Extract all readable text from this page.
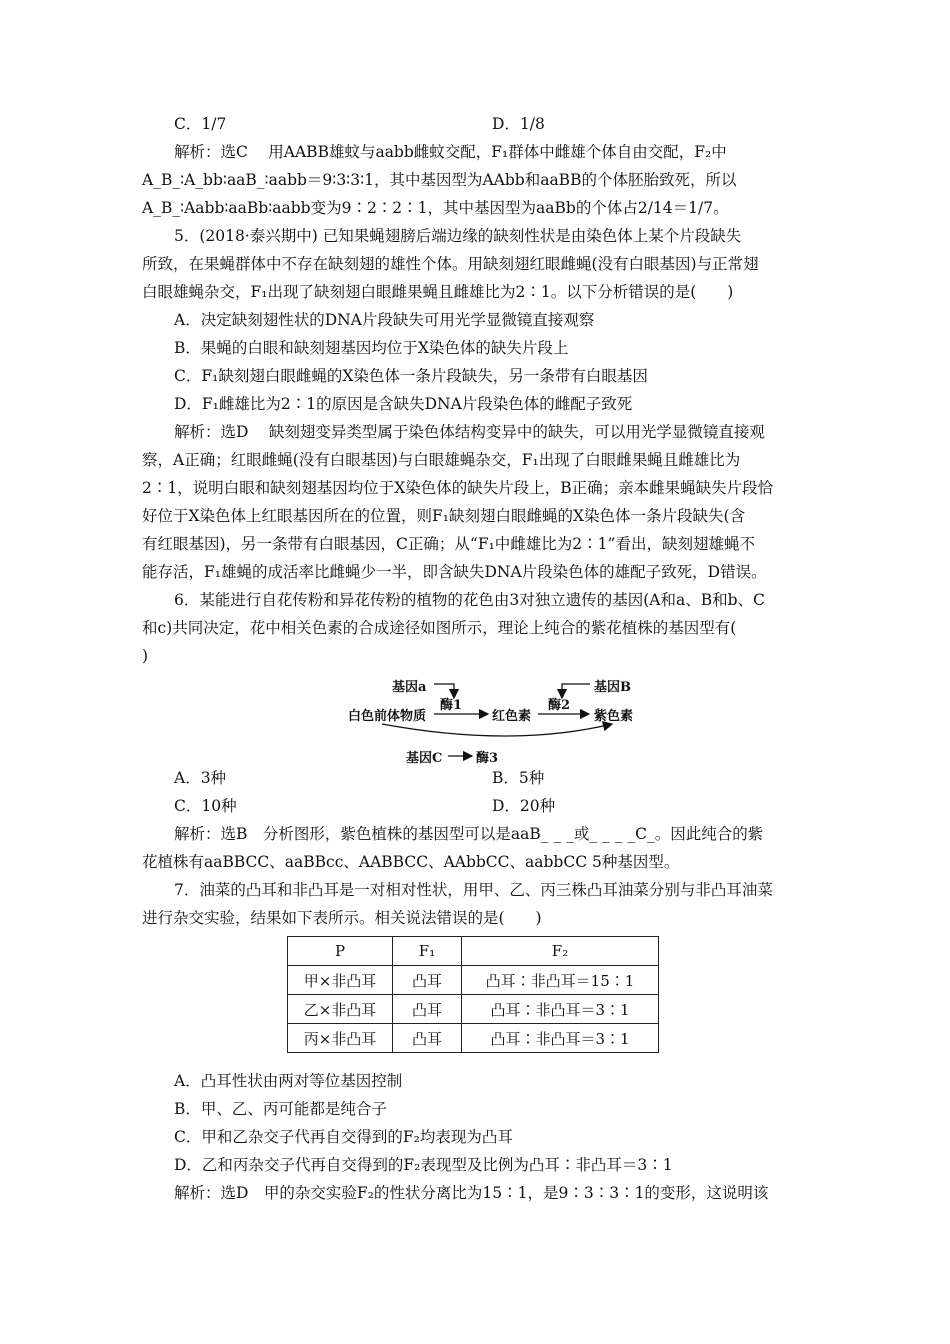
C．1/7	D．1/8
解析：选C　 用AABB雄蚊与aabb雌蚊交配，F₁群体中雌雄个体自由交配，F₂中
A_B_∶A_bb∶aaB_∶aabb＝9∶3∶3∶1，其中基因型为AAbb和aaBB的个体胚胎致死，所以
A_B_∶Aabb∶aaBb∶aabb变为9∶2∶2∶1，其中基因型为aaBb的个体占2/14＝1/7。
5．(2018·泰兴期中) 已知果蝇翅膀后端边缘的缺刻性状是由染色体上某个片段缺失
所致，在果蝇群体中不存在缺刻翅的雄性个体。用缺刻翅红眼雌蝇(没有白眼基因)与正常翅
白眼雄蝇杂交，F₁出现了缺刻翅白眼雌果蝇且雌雄比为2∶1。以下分析错误的是(　　)
A．决定缺刻翅性状的DNA片段缺失可用光学显微镜直接观察
B．果蝇的白眼和缺刻翅基因均位于X染色体的缺失片段上
C．F₁缺刻翅白眼雌蝇的X染色体一条片段缺失，另一条带有白眼基因
D．F₁雌雄比为2∶1的原因是含缺失DNA片段染色体的雌配子致死
解析：选D　 缺刻翅变异类型属于染色体结构变异中的缺失，可以用光学显微镜直接观
察，A正确；红眼雌蝇(没有白眼基因)与白眼雄蝇杂交，F₁出现了白眼雌果蝇且雌雄比为
2∶1，说明白眼和缺刻翅基因均位于X染色体的缺失片段上，B正确；亲本雌果蝇缺失片段恰
好位于X染色体上红眼基因所在的位置，则F₁缺刻翅白眼雌蝇的X染色体一条片段缺失(含
有红眼基因)，另一条带有白眼基因，C正确；从“F₁中雌雄比为2∶1”看出，缺刻翅雄蝇不
能存活，F₁雄蝇的成活率比雌蝇少一半，即含缺失DNA片段染色体的雄配子致死，D错误。
6．某能进行自花传粉和异花传粉的植物的花色由3对独立遗传的基因(A和a、B和b、C
和c)共同决定，花中相关色素的合成途径如图所示，理论上纯合的紫花植株的基因型有(　
)
基因a
酶1
基因B
酶2
白色前体物质	红色素	紫色素
基因C	酶3
A．3种	B．5种
C．10种	D．20种
解析：选B　分析图形，紫色植株的基因型可以是aaB_ _ _或_ _ _ _C_。因此纯合的紫
花植株有aaBBCC、aaBBcc、AABBCC、AAbbCC、aabbCC 5种基因型。
7．油菜的凸耳和非凸耳是一对相对性状，用甲、乙、丙三株凸耳油菜分别与非凸耳油菜
进行杂交实验，结果如下表所示。相关说法错误的是(　　)
P	F₁	F₂
甲×非凸耳	凸耳	凸耳∶非凸耳＝15∶1
乙×非凸耳	凸耳	凸耳∶非凸耳＝3∶1
丙×非凸耳	凸耳	凸耳∶非凸耳＝3∶1
A．凸耳性状由两对等位基因控制
B．甲、乙、丙可能都是纯合子
C．甲和乙杂交子代再自交得到的F₂均表现为凸耳
D．乙和丙杂交子代再自交得到的F₂表现型及比例为凸耳∶非凸耳＝3∶1
解析：选D　甲的杂交实验F₂的性状分离比为15∶1，是9∶3∶3∶1的变形，这说明该
